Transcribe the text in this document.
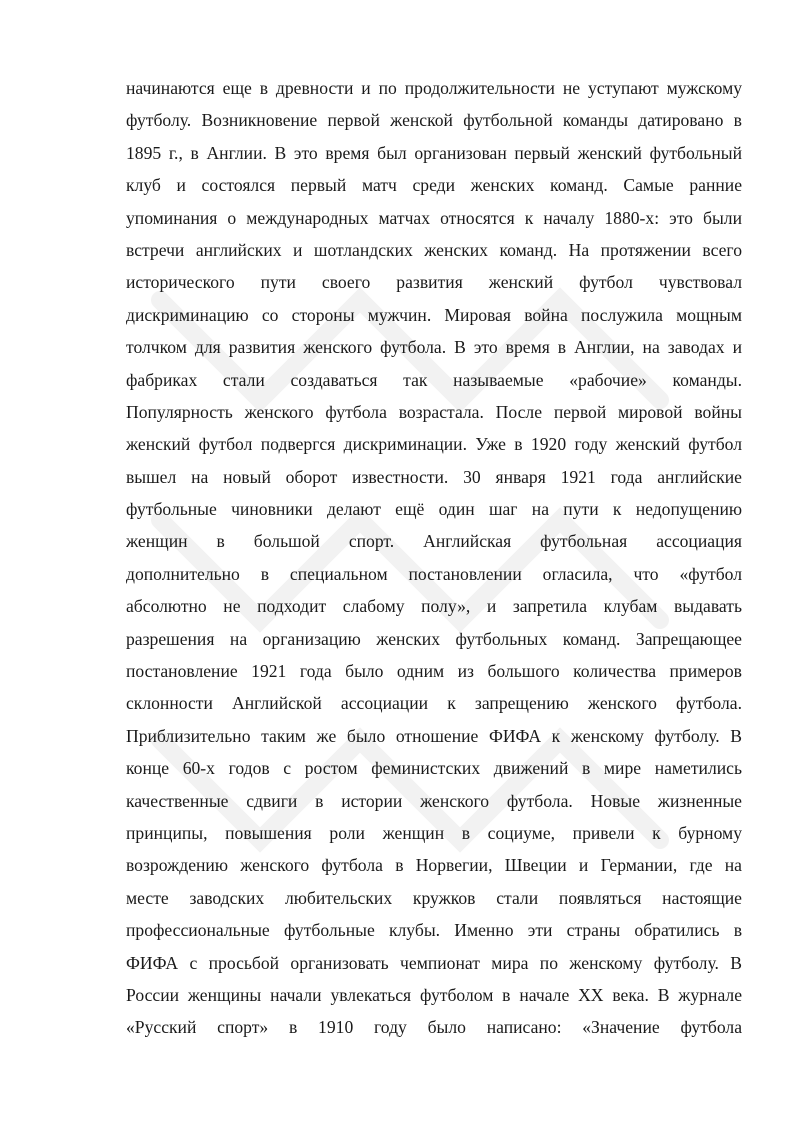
начинаются еще в древности и по продолжительности не уступают мужскому
футболу. Возникновение первой женской футбольной команды датировано в
1895 г., в Англии. В это время был организован первый женский футбольный
клуб и состоялся первый матч среди женских команд. Самые ранние
упоминания о международных матчах относятся к началу 1880-х: это были
встречи английских и шотландских женских команд. На протяжении всего
исторического пути своего развития женский футбол чувствовал
дискриминацию со стороны мужчин. Мировая война послужила мощным
толчком для развития женского футбола. В это время в Англии, на заводах и
фабриках стали создаваться так называемые «рабочие» команды.
Популярность женского футбола возрастала. После первой мировой войны
женский футбол подвергся дискриминации. Уже в 1920 году женский футбол
вышел на новый оборот известности. 30 января 1921 года английские
футбольные чиновники делают ещё один шаг на пути к недопущению
женщин в большой спорт. Английская футбольная ассоциация
дополнительно в специальном постановлении огласила, что «футбол
абсолютно не подходит слабому полу», и запретила клубам выдавать
разрешения на организацию женских футбольных команд. Запрещающее
постановление 1921 года было одним из большого количества примеров
склонности Английской ассоциации к запрещению женского футбола.
Приблизительно таким же было отношение ФИФА к женскому футболу. В
конце 60-х годов с ростом феминистских движений в мире наметились
качественные сдвиги в истории женского футбола. Новые жизненные
принципы, повышения роли женщин в социуме, привели к бурному
возрождению женского футбола в Норвегии, Швеции и Германии, где на
месте заводских любительских кружков стали появляться настоящие
профессиональные футбольные клубы. Именно эти страны обратились в
ФИФА с просьбой организовать чемпионат мира по женскому футболу. В
России женщины начали увлекаться футболом в начале XX века. В журнале
«Русский спорт» в 1910 году было написано: «Значение футбола
